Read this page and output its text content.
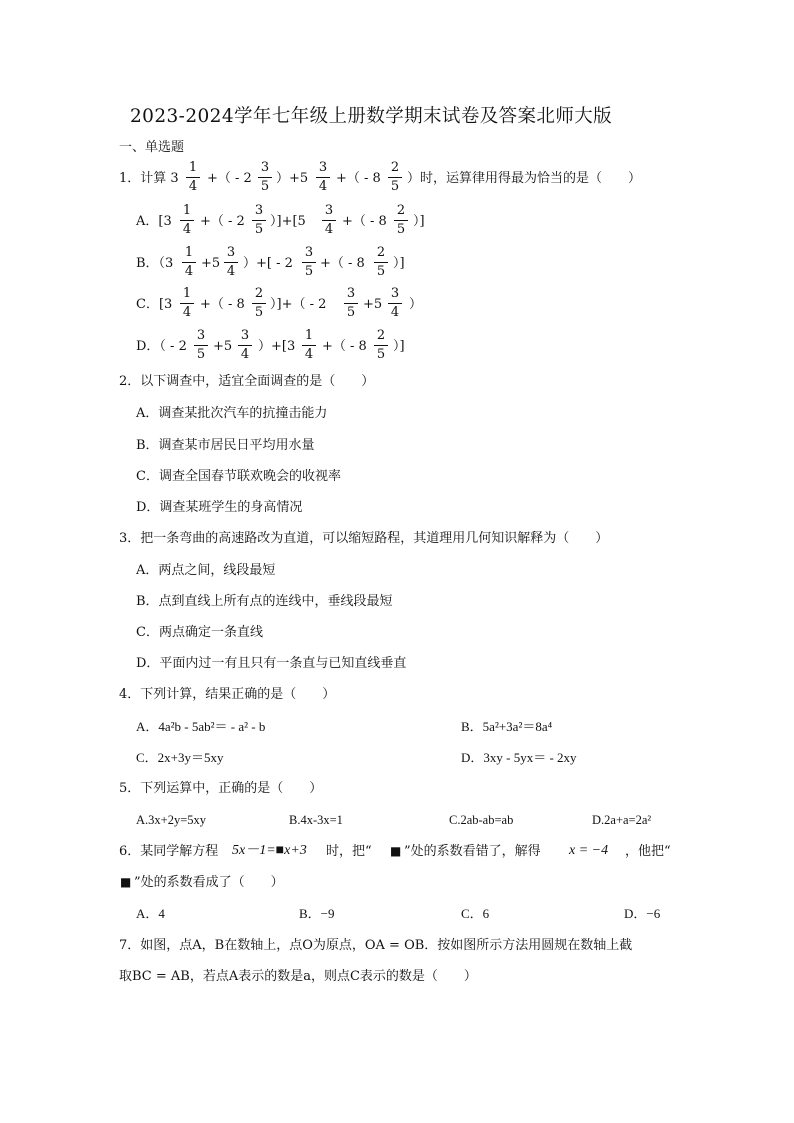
2023-2024学年七年级上册数学期末试卷及答案北师大版
一、单选题
1．计算 3
1
4
+（ - 2
3
5
）+5
3
4
+（ - 8
2
5
）时，运算律用得最为恰当的是（　　）
A．[3
1
4
+（ - 2
3
5
）]+[5
3
4
+（ - 8
2
5
）]
B．（3
1
4
+5
3
4
）+[ - 2
3
5
+（ - 8
2
5
）]
C．[3
1
4
+（ - 8
2
5
）]+（ - 2
3
5
+5
3
4
）
D．（ - 2
3
5
+5
3
4
）+[3
1
4
+（ - 8
2
5
）]
2．以下调查中，适宜全面调查的是（　　）
A．调查某批次汽车的抗撞击能力
B．调查某市居民日平均用水量
C．调查全国春节联欢晚会的收视率
D．调查某班学生的身高情况
3．把一条弯曲的高速路改为直道，可以缩短路程，其道理用几何知识解释为（　　）
A．两点之间，线段最短
B．点到直线上所有点的连线中，垂线段最短
C．两点确定一条直线
D．平面内过一有且只有一条直与已知直线垂直
4．下列计算，结果正确的是（　　）
A．4a²b - 5ab²＝ - a² - b	B．5a²+3a²＝8a⁴
C．2x+3y＝5xy	D．3xy - 5yx＝ - 2xy
5．下列运算中，正确的是（　　）
A.3x+2y=5xy	B.4x-3x=1	C.2ab-ab=ab	D.2a+a=2a²
6．某同学解方程 5x－1=■x+3 时，把“ ■ ”处的系数看错了，解得 x = −4 ，他把“
■ ”处的系数看成了（　　）
A．4	B．−9	C．6	D．−6
7．如图，点A，B在数轴上，点O为原点，OA = OB．按如图所示方法用圆规在数轴上截
取BC = AB，若点A表示的数是a，则点C表示的数是（　　）
